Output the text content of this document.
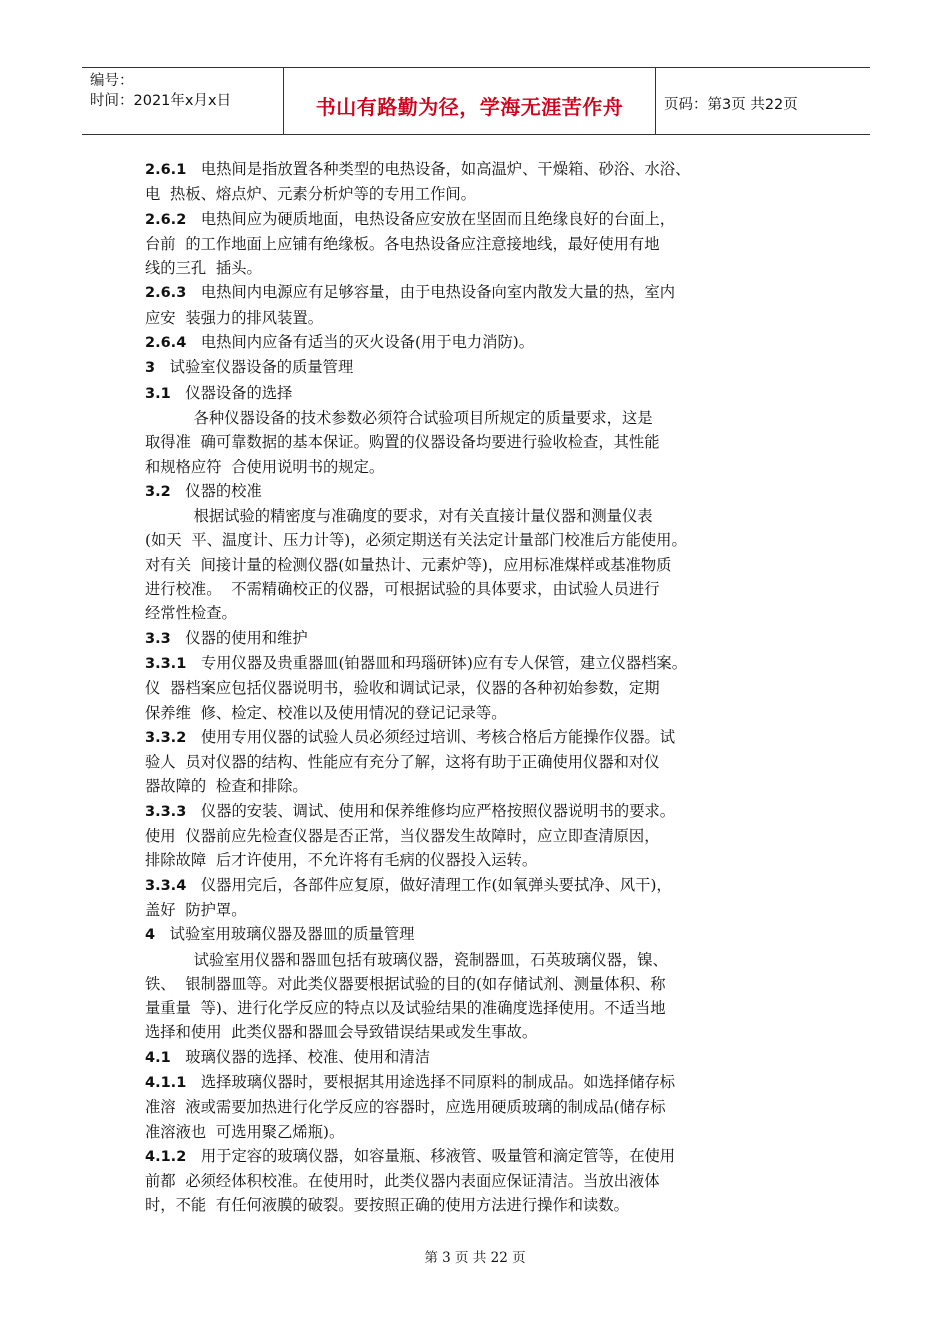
编号：
时间：2021年x月x日	书山有路勤为径，学海无涯苦作舟	页码：第3页 共22页

2.6.1   电热间是指放置各种类型的电热设备，如高温炉、干燥箱、砂浴、水浴、

电  热板、熔点炉、元素分析炉等的专用工作间。

2.6.2   电热间应为硬质地面，电热设备应安放在坚固而且绝缘良好的台面上，

台前  的工作地面上应铺有绝缘板。各电热设备应注意接地线，最好使用有地

线的三孔  插头。

2.6.3   电热间内电源应有足够容量，由于电热设备向室内散发大量的热，室内

应安  装强力的排风装置。

2.6.4   电热间内应备有适当的灭火设备(用于电力消防)。

3   试验室仪器设备的质量管理

3.1   仪器设备的选择

各种仪器设备的技术参数必须符合试验项目所规定的质量要求，这是

取得准  确可靠数据的基本保证。购置的仪器设备均要进行验收检查，其性能

和规格应符  合使用说明书的规定。

3.2   仪器的校准

根据试验的精密度与准确度的要求，对有关直接计量仪器和测量仪表

(如天  平、温度计、压力计等)，必须定期送有关法定计量部门校准后方能使用。

对有关  间接计量的检测仪器(如量热计、元素炉等)，应用标准煤样或基准物质

进行校准。  不需精确校正的仪器，可根据试验的具体要求，由试验人员进行

经常性检查。

3.3   仪器的使用和维护

3.3.1   专用仪器及贵重器皿(铂器皿和玛瑙研钵)应有专人保管，建立仪器档案。

仪  器档案应包括仪器说明书，验收和调试记录，仪器的各种初始参数，定期

保养维  修、检定、校准以及使用情况的登记记录等。

3.3.2   使用专用仪器的试验人员必须经过培训、考核合格后方能操作仪器。试

验人  员对仪器的结构、性能应有充分了解，这将有助于正确使用仪器和对仪

器故障的  检查和排除。

3.3.3   仪器的安装、调试、使用和保养维修均应严格按照仪器说明书的要求。

使用  仪器前应先检查仪器是否正常，当仪器发生故障时，应立即查清原因，

排除故障  后才许使用，不允许将有毛病的仪器投入运转。

3.3.4   仪器用完后，各部件应复原，做好清理工作(如氧弹头要拭净、风干)，

盖好  防护罩。

4   试验室用玻璃仪器及器皿的质量管理

试验室用仪器和器皿包括有玻璃仪器，瓷制器皿，石英玻璃仪器，镍、

铁、  银制器皿等。对此类仪器要根据试验的目的(如存储试剂、测量体积、称

量重量  等)、进行化学反应的特点以及试验结果的准确度选择使用。不适当地

选择和使用  此类仪器和器皿会导致错误结果或发生事故。

4.1   玻璃仪器的选择、校准、使用和清洁

4.1.1   选择玻璃仪器时，要根据其用途选择不同原料的制成品。如选择储存标

准溶  液或需要加热进行化学反应的容器时，应选用硬质玻璃的制成品(储存标

准溶液也  可选用聚乙烯瓶)。

4.1.2   用于定容的玻璃仪器，如容量瓶、移液管、吸量管和滴定管等，在使用

前都  必须经体积校准。在使用时，此类仪器内表面应保证清洁。当放出液体

时，不能  有任何液膜的破裂。要按照正确的使用方法进行操作和读数。

第 3 页 共 22 页
